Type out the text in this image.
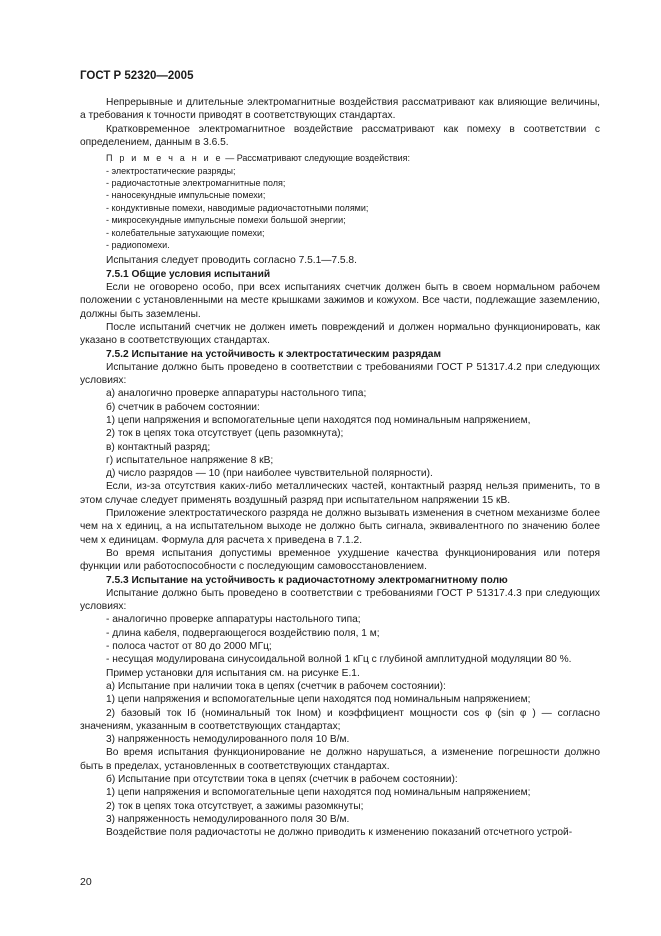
ГОСТ Р 52320—2005

Непрерывные и длительные электромагнитные воздействия рассматривают как влияющие величины, а требования к точности приводят в соответствующих стандартах.

Кратковременное электромагнитное воздействие рассматривают как помеху в соответствии с определением, данным в 3.6.5.

П р и м е ч а н и е — Рассматривают следующие воздействия:

- электростатические разряды;

- радиочастотные электромагнитные поля;

- наносекундные импульсные помехи;

- кондуктивные помехи, наводимые радиочастотными полями;

- микросекундные импульсные помехи большой энергии;

- колебательные затухающие помехи;

- радиопомехи.

Испытания следует проводить согласно 7.5.1—7.5.8.

7.5.1 Общие условия испытаний

Если не оговорено особо, при всех испытаниях счетчик должен быть в своем нормальном рабочем положении с установленными на месте крышками зажимов и кожухом. Все части, подлежащие заземлению, должны быть заземлены.

После испытаний счетчик не должен иметь повреждений и должен нормально функционировать, как указано в соответствующих стандартах.

7.5.2 Испытание на устойчивость к электростатическим разрядам

Испытание должно быть проведено в соответствии с требованиями ГОСТ Р 51317.4.2 при следующих условиях:

а) аналогично проверке аппаратуры настольного типа;

б) счетчик в рабочем состоянии:

1) цепи напряжения и вспомогательные цепи находятся под номинальным напряжением,

2) ток в цепях тока отсутствует (цепь разомкнута);

в) контактный разряд;

г) испытательное напряжение 8 кВ;

д) число разрядов — 10 (при наиболее чувствительной полярности).

Если, из-за отсутствия каких-либо металлических частей, контактный разряд нельзя применить, то в этом случае следует применять воздушный разряд при испытательном напряжении 15 кВ.

Приложение электростатического разряда не должно вызывать изменения в счетном механизме более чем на x единиц, а на испытательном выходе не должно быть сигнала, эквивалентного по значению более чем x единицам. Формула для расчета x приведена в 7.1.2.

Во время испытания допустимы временное ухудшение качества функционирования или потеря функции или работоспособности с последующим самовосстановлением.

7.5.3 Испытание на устойчивость к радиочастотному электромагнитному полю

Испытание должно быть проведено в соответствии с требованиями ГОСТ Р 51317.4.3 при следующих условиях:

- аналогично проверке аппаратуры настольного типа;

- длина кабеля, подвергающегося воздействию поля, 1 м;

- полоса частот от 80 до 2000 МГц;

- несущая модулирована синусоидальной волной 1 кГц с глубиной амплитудной модуляции 80 %.

Пример установки для испытания см. на рисунке Е.1.

а) Испытание при наличии тока в цепях (счетчик в рабочем состоянии):

1) цепи напряжения и вспомогательные цепи находятся под номинальным напряжением;

2) базовый ток Iб (номинальный ток Iном) и коэффициент мощности cos φ (sin φ ) — согласно значениям, указанным в соответствующих стандартах;

3) напряженность немодулированного поля 10 В/м.

Во время испытания функционирование не должно нарушаться, а изменение погрешности должно быть в пределах, установленных в соответствующих стандартах.

б) Испытание при отсутствии тока в цепях (счетчик в рабочем состоянии):

1) цепи напряжения и вспомогательные цепи находятся под номинальным напряжением;

2) ток в цепях тока отсутствует, а зажимы разомкнуты;

3) напряженность немодулированного поля 30 В/м.

Воздействие поля радиочастоты не должно приводить к изменению показаний отсчетного устрой-

20
